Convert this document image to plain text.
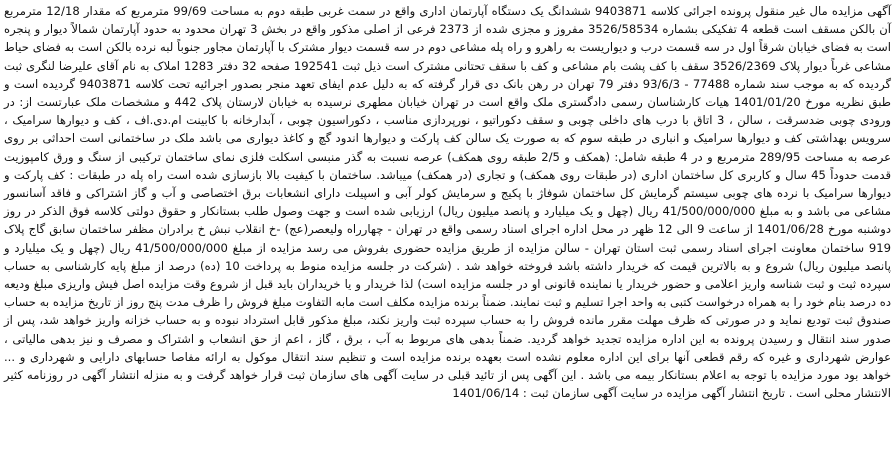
آگهی مزایده مال غیر منقول پرونده اجرائی کلاسه 9403871 ششدانگ یک دستگاه آپارتمان اداری واقع در سمت غربی طبقه دوم به مساحت 99/69 مترمربع که مقدار 12/18 مترمربع آن بالکن مسقف است قطعه 4 تفکیکی بشماره 3526/58534 مفروز و مجزی شده از 2373 فرعی از اصلی مذکور واقع در بخش 3 تهران محدود به حدود آپارتمان شمالاً دیوار و پنجره است به فضای خیابان شرقاً اول در سه قسمت درب و دیواریست به راهرو و راه پله مشاعی دوم در سه قسمت دیوار مشترک با آپارتمان مجاور جنوباً لبه نرده بالکن است به فضای حیاط مشاعی غرباً دیوار پلاک 3526/2369 سقف با کف پشت بام مشاعی و کف با سقف تحتانی مشترک است ذیل ثبت 192541 صفحه 32 دفتر 1283 املاک به نام آقای علیرضا لنگری ثبت گردیده که به موجب سند شماره 77488 - 93/6/3 دفتر 79 تهران در رهن بانک دی قرار گرفته که به دلیل عدم ایفای تعهد منجر بصدور اجرائیه تحت کلاسه 9403871 گردیده است و طبق نظریه مورخ 1401/01/20 هیات کارشناسان رسمی دادگستری ملک واقع است در تهران خیابان مطهری نرسیده به خیابان لارستان پلاک 442 و مشخصات ملک عبارتست از: در ورودی چوبی ضدسرقت ، سالن ، 3 اتاق با درب های داخلی چوبی و سقف دکوراتیو ، نورپردازی مناسب ، دکوراسیون چوبی ، آبدارخانه با کابینت ام.دی.اف ، کف و دیوارها سرامیک ، سرویس بهداشتی کف و دیوارها سرامیک و انباری در طبقه سوم که به صورت یک سالن کف پارکت و دیوارها اندود گچ و کاغذ دیواری می باشد ملک در ساختمانی است احداثی بر روی عرصه به مساحت 289/95 مترمربع و در 4 طبقه شامل: (همکف و 2/5 طبقه روی همکف) عرصه نسبت به گذر منبسی اسکلت فلزی نمای ساختمان ترکیبی از سنگ و ورق کامپوزیت قدمت حدوداً 45 سال و کاربری کل ساختمان اداری (در طبقات روی همکف) و تجاری (در همکف) میباشد. ساختمان با کیفیت بالا بازسازی شده است راه پله در طبقات : کف پارکت و دیوارها سرامیک با نرده های چوبی سیستم گرمایش کل ساختمان شوفاژ با پکیج و سرمایش کولر آبی و اسپیلت دارای انشعابات برق اختصاصی و آب و گاز اشتراکی و فاقد آسانسور مشاعی می باشد و به مبلغ 41/500/000/000 ریال (چهل و یک میلیارد و پانصد میلیون ریال) ارزیابی شده است و جهت وصول طلب بستانکار و حقوق دولتی کلاسه فوق الذکر در روز دوشنبه مورخ 1401/06/28 از ساعت 9 الی 12 ظهر در محل اداره اجرای اسناد رسمی واقع در تهران - چهارراه ولیعصر(عج) -خ انقلاب نبش خ برادران مظفر ساختمان سابق گاج پلاک 919 ساختمان معاونت اجرای اسناد رسمی ثبت استان تهران - سالن مزایده از طریق مزایده حضوری بفروش می رسد مزایده از مبلغ 41/500/000/000 ریال (چهل و یک میلیارد و پانصد میلیون ریال) شروع و به بالاترین قیمت که خریدار داشته باشد فروخته خواهد شد . (شرکت در جلسه مزایده منوط به پرداخت 10 (ده) درصد از مبلغ پایه کارشناسی به حساب سپرده ثبت و ثبت شناسه واریز اعلامی و حضور خریدار یا نماینده قانونی او در جلسه مزایده است) لذا خریدار و یا خریداران باید قبل از شروع وقت مزایده اصل فیش واریزی مبلغ ودیعه ده درصد بنام خود را به همراه درخواست کتبی به واحد اجرا تسلیم و ثبت نمایند. ضمناً برنده مزایده مکلف است مابه التفاوت مبلغ فروش را ظرف مدت پنج روز از تاریخ مزایده به حساب صندوق ثبت تودیع نماید و در صورتی که ظرف مهلت مقرر مانده فروش را به حساب سپرده ثبت واریز نکند، مبلغ مذکور قابل استرداد نبوده و به حساب خزانه واریز خواهد شد، پس از صدور سند انتقال و رسیدن پرونده به این اداره مزایده تجدید خواهد گردید. ضمناً بدهی های مربوط به آب ، برق ، گاز ، اعم از حق انشعاب و اشتراک و مصرف و نیز بدهی مالیاتی ، عوارض شهرداری و غیره که رقم قطعی آنها برای این اداره معلوم نشده است بعهده برنده مزایده است و تنظیم سند انتقال موکول به ارائه مفاصا حسابهای دارایی و شهرداری و ... خواهد بود مورد مزایده با توجه به اعلام بستانکار بیمه می باشد . این آگهی پس از تائید قبلی در سایت آگهی های سازمان ثبت قرار خواهد گرفت و به منزله انتشار آگهی در روزنامه کثیر الانتشار محلی است . تاریخ انتشار آگهی مزایده در سایت آگهی سازمان ثبت : 1401/06/14
